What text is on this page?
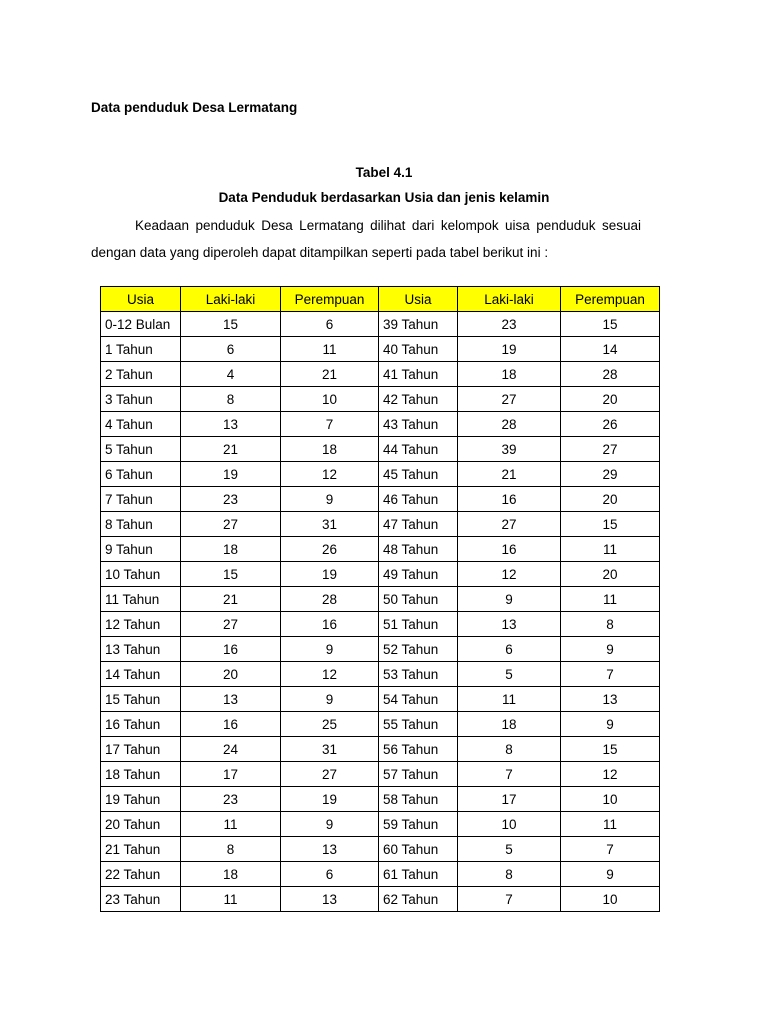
Data penduduk Desa Lermatang

Tabel 4.1

Data Penduduk berdasarkan Usia dan jenis kelamin

Keadaan penduduk Desa Lermatang dilihat dari kelompok uisa penduduk sesuai dengan data yang diperoleh dapat ditampilkan seperti pada tabel berikut ini :

Usia	Laki-laki	Perempuan	Usia	Laki-laki	Perempuan
0-12 Bulan	15	6	39 Tahun	23	15
1 Tahun	6	11	40 Tahun	19	14
2 Tahun	4	21	41 Tahun	18	28
3 Tahun	8	10	42 Tahun	27	20
4 Tahun	13	7	43 Tahun	28	26
5 Tahun	21	18	44 Tahun	39	27
6 Tahun	19	12	45 Tahun	21	29
7 Tahun	23	9	46 Tahun	16	20
8 Tahun	27	31	47 Tahun	27	15
9 Tahun	18	26	48 Tahun	16	11
10 Tahun	15	19	49 Tahun	12	20
11 Tahun	21	28	50 Tahun	9	11
12 Tahun	27	16	51 Tahun	13	8
13 Tahun	16	9	52 Tahun	6	9
14 Tahun	20	12	53 Tahun	5	7
15 Tahun	13	9	54 Tahun	11	13
16 Tahun	16	25	55 Tahun	18	9
17 Tahun	24	31	56 Tahun	8	15
18 Tahun	17	27	57 Tahun	7	12
19 Tahun	23	19	58 Tahun	17	10
20 Tahun	11	9	59 Tahun	10	11
21 Tahun	8	13	60 Tahun	5	7
22 Tahun	18	6	61 Tahun	8	9
23 Tahun	11	13	62 Tahun	7	10
